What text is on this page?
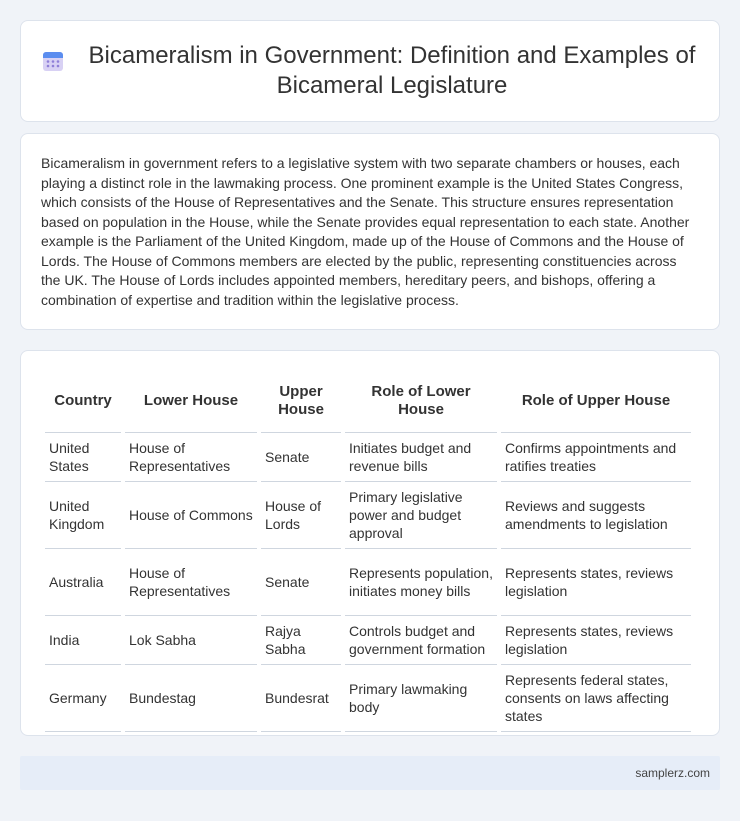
Bicameralism in Government: Definition and Examples of Bicameral Legislature

Bicameralism in government refers to a legislative system with two separate chambers or houses, each playing a distinct role in the lawmaking process. One prominent example is the United States Congress, which consists of the House of Representatives and the Senate. This structure ensures representation based on population in the House, while the Senate provides equal representation to each state. Another example is the Parliament of the United Kingdom, made up of the House of Commons and the House of Lords. The House of Commons members are elected by the public, representing constituencies across the UK. The House of Lords includes appointed members, hereditary peers, and bishops, offering a combination of expertise and tradition within the legislative process.

Country	Lower House	Upper House	Role of Lower House	Role of Upper House
United States	House of Representatives	Senate	Initiates budget and revenue bills	Confirms appointments and ratifies treaties
United Kingdom	House of Commons	House of Lords	Primary legislative power and budget approval	Reviews and suggests amendments to legislation
Australia	House of Representatives	Senate	Represents population, initiates money bills	Represents states, reviews legislation
India	Lok Sabha	Rajya Sabha	Controls budget and government formation	Represents states, reviews legislation
Germany	Bundestag	Bundesrat	Primary lawmaking body	Represents federal states, consents on laws affecting states
samplerz.com
